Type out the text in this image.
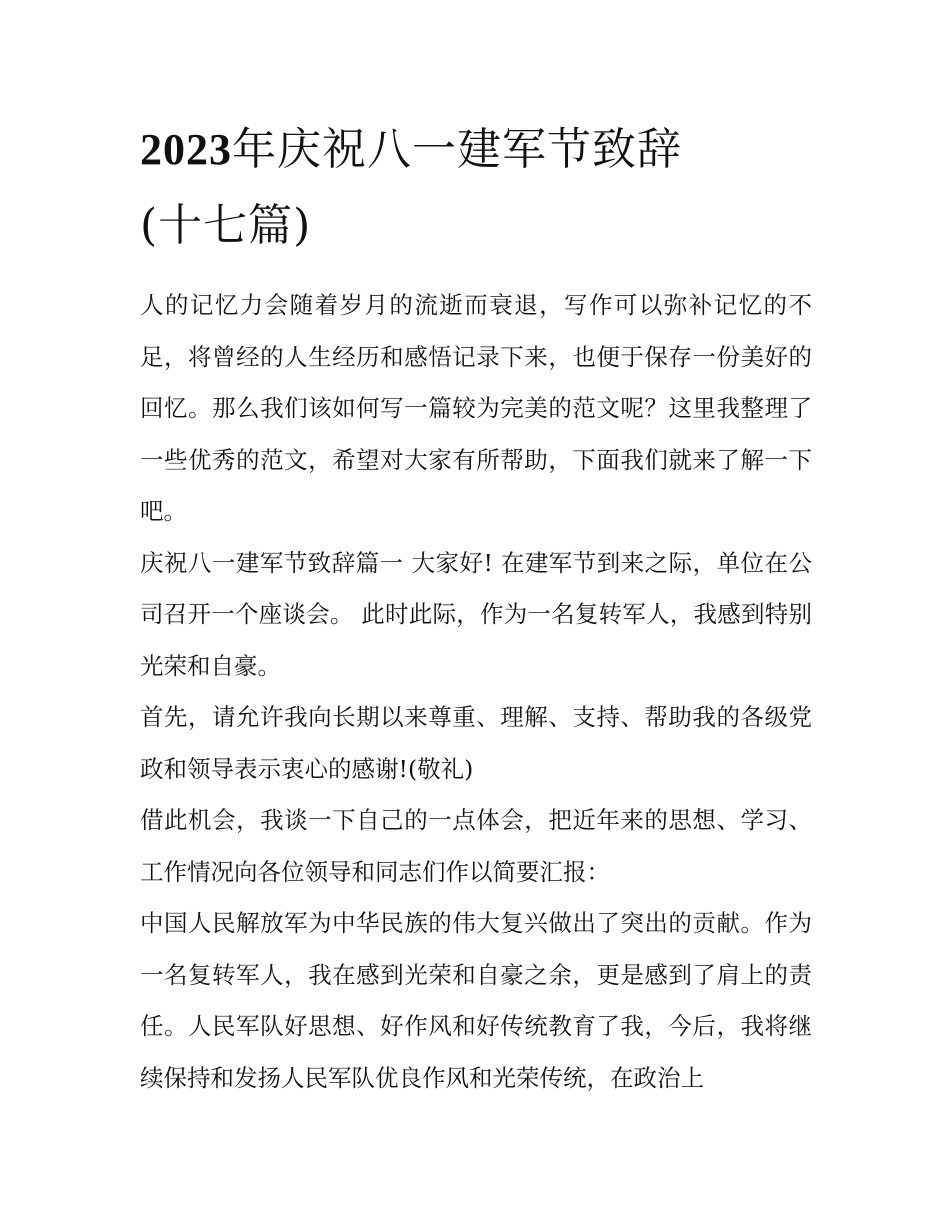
2023年庆祝八一建军节致辞
(十七篇)

人的记忆力会随着岁月的流逝而衰退，写作可以弥补记忆的不足，将曾经的人生经历和感悟记录下来，也便于保存一份美好的回忆。那么我们该如何写一篇较为完美的范文呢？这里我整理了一些优秀的范文，希望对大家有所帮助，下面我们就来了解一下吧。

庆祝八一建军节致辞篇一 大家好! 在建军节到来之际，单位在公司召开一个座谈会。 此时此际，作为一名复转军人，我感到特别光荣和自豪。

首先，请允许我向长期以来尊重、理解、支持、帮助我的各级党政和领导表示衷心的感谢!(敬礼)

借此机会，我谈一下自己的一点体会，把近年来的思想、学习、工作情况向各位领导和同志们作以简要汇报：

中国人民解放军为中华民族的伟大复兴做出了突出的贡献。作为一名复转军人，我在感到光荣和自豪之余，更是感到了肩上的责任。人民军队好思想、好作风和好传统教育了我，今后，我将继续保持和发扬人民军队优良作风和光荣传统，在政治上
